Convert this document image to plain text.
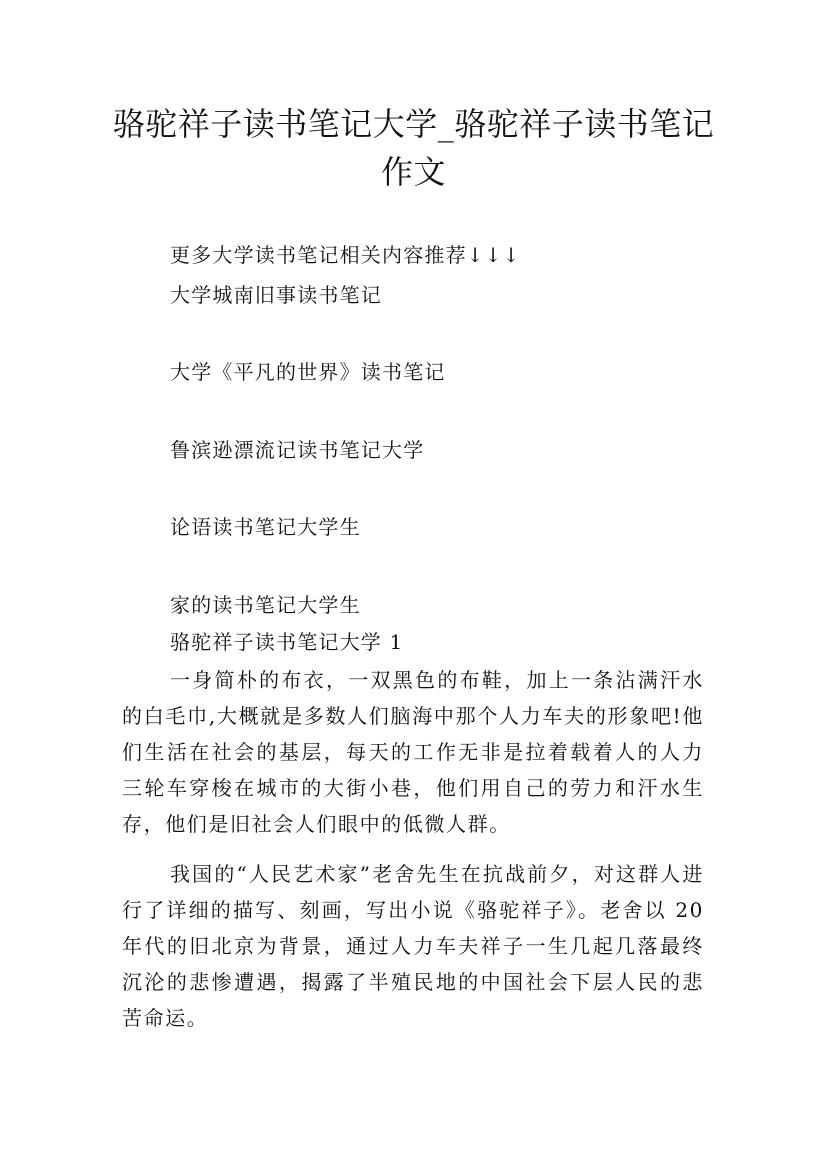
骆驼祥子读书笔记大学_骆驼祥子读书笔记作文
更多大学读书笔记相关内容推荐↓↓↓
大学城南旧事读书笔记
大学《平凡的世界》读书笔记
鲁滨逊漂流记读书笔记大学
论语读书笔记大学生
家的读书笔记大学生
骆驼祥子读书笔记大学 1

一身简朴的布衣，一双黑色的布鞋，加上一条沾满汗水的白毛巾,大概就是多数人们脑海中那个人力车夫的形象吧!他们生活在社会的基层，每天的工作无非是拉着载着人的人力三轮车穿梭在城市的大街小巷，他们用自己的劳力和汗水生存，他们是旧社会人们眼中的低微人群。

我国的“人民艺术家”老舍先生在抗战前夕，对这群人进行了详细的描写、刻画，写出小说《骆驼祥子》。老舍以 20 年代的旧北京为背景，通过人力车夫祥子一生几起几落最终沉沦的悲惨遭遇，揭露了半殖民地的中国社会下层人民的悲苦命运。
